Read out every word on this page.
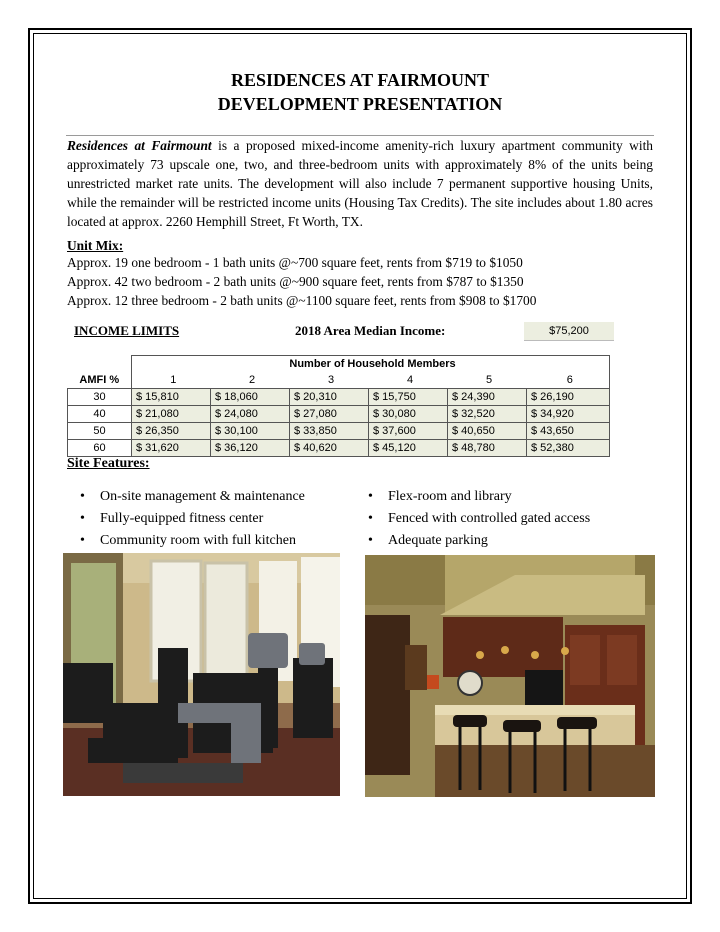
RESIDENCES AT FAIRMOUNT
DEVELOPMENT PRESENTATION
Residences at Fairmount is a proposed mixed-income amenity-rich luxury apartment community with approximately 73 upscale one, two, and three-bedroom units with approximately 8% of the units being unrestricted market rate units. The development will also include 7 permanent supportive housing Units, while the remainder will be restricted income units (Housing Tax Credits). The site includes about 1.80 acres located at approx. 2260 Hemphill Street, Ft Worth, TX.
Unit Mix:
Approx. 19 one bedroom - 1 bath units @~700 square feet, rents from $719 to $1050
Approx. 42 two bedroom - 2 bath units @~900 square feet, rents from $787 to $1350
Approx. 12 three bedroom - 2 bath units @~1100 square feet, rents from $908 to $1700
INCOME LIMITS	2018 Area Median Income:	$75,200
	Number of Household Members					
AMFI %	1	2	3	4	5	6
30	$ 15,810	$ 18,060	$ 20,310	$ 15,750	$ 24,390	$ 26,190
40	$ 21,080	$ 24,080	$ 27,080	$ 30,080	$ 32,520	$ 34,920
50	$ 26,350	$ 30,100	$ 33,850	$ 37,600	$ 40,650	$ 43,650
60	$ 31,620	$ 36,120	$ 40,620	$ 45,120	$ 48,780	$ 52,380
Site Features:
• On-site management & maintenance
• Fully-equipped fitness center
• Community room with full kitchen
• Flex-room and library
• Fenced with controlled gated access
• Adequate parking
